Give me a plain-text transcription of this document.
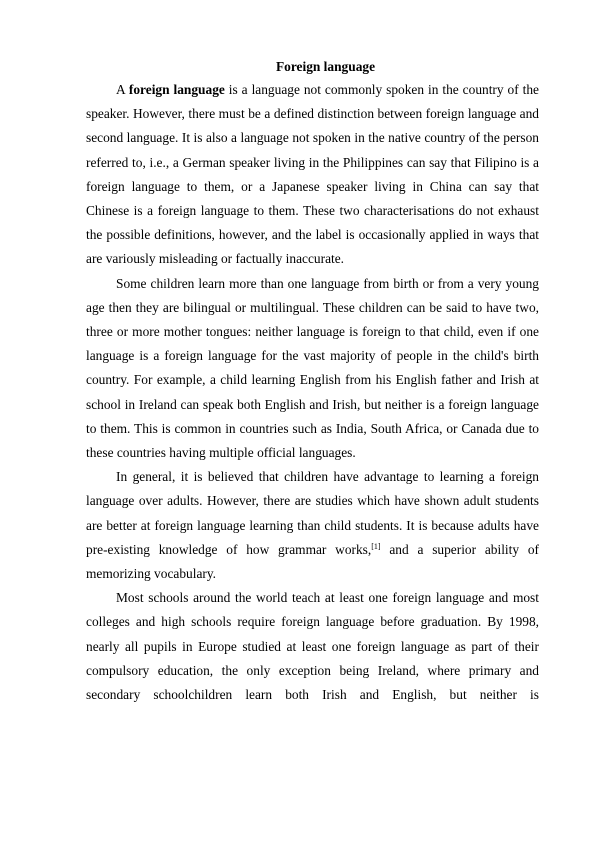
Foreign language

A foreign language is a language not commonly spoken in the country of the speaker. However, there must be a defined distinction between foreign language and second language. It is also a language not spoken in the native country of the person referred to, i.e., a German speaker living in the Philippines can say that Filipino is a foreign language to them, or a Japanese speaker living in China can say that Chinese is a foreign language to them. These two characterisations do not exhaust the possible definitions, however, and the label is occasionally applied in ways that are variously misleading or factually inaccurate.

Some children learn more than one language from birth or from a very young age then they are bilingual or multilingual. These children can be said to have two, three or more mother tongues: neither language is foreign to that child, even if one language is a foreign language for the vast majority of people in the child's birth country. For example, a child learning English from his English father and Irish at school in Ireland can speak both English and Irish, but neither is a foreign language to them. This is common in countries such as India, South Africa, or Canada due to these countries having multiple official languages.

In general, it is believed that children have advantage to learning a foreign language over adults. However, there are studies which have shown adult students are better at foreign language learning than child students. It is because adults have pre-existing knowledge of how grammar works,[1] and a superior ability of memorizing vocabulary.

Most schools around the world teach at least one foreign language and most colleges and high schools require foreign language before graduation. By 1998, nearly all pupils in Europe studied at least one foreign language as part of their compulsory education, the only exception being Ireland, where primary and secondary schoolchildren learn both Irish and English, but neither is
